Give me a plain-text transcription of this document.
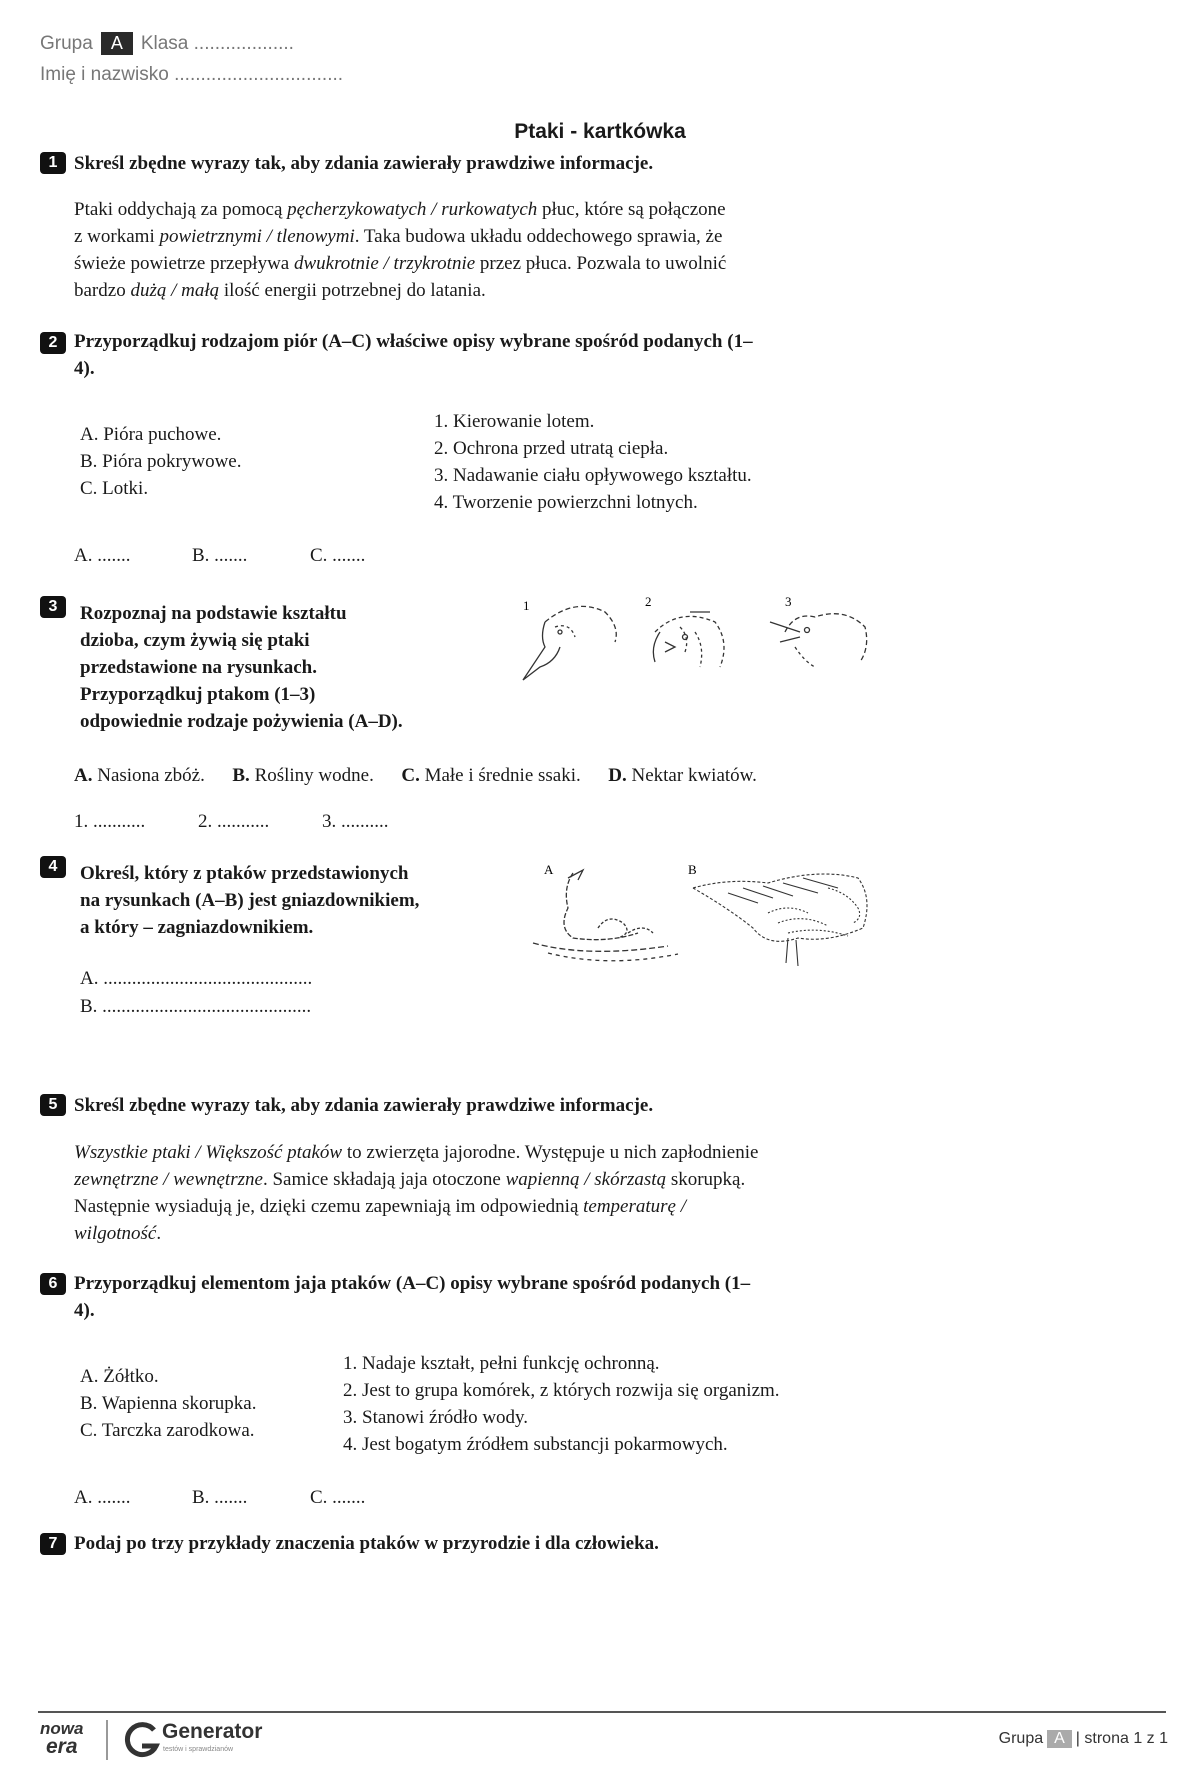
Grupa A Klasa ...................
Imię i nazwisko ................................
Ptaki - kartkówka
1 Skreśl zbędne wyrazy tak, aby zdania zawierały prawdziwe informacje.
Ptaki oddychają za pomocą pęcherzykowatych / rurkowatych płuc, które są połączone
z workami powietrznymi / tlenowymi. Taka budowa układu oddechowego sprawia, że
świeże powietrze przepływa dwukrotnie / trzykrotnie przez płuca. Pozwala to uwolnić
bardzo dużą / małą ilość energii potrzebnej do latania.
2 Przyporządkuj rodzajom piór (A–C) właściwe opisy wybrane spośród podanych (1–
4).
A. Pióra puchowe.
B. Pióra pokrywowe.
C. Lotki.
1. Kierowanie lotem.
2. Ochrona przed utratą ciepła.
3. Nadawanie ciału opływowego kształtu.
4. Tworzenie powierzchni lotnych.
A. .......	B. .......	C. .......
3	Rozpoznaj na podstawie kształtu
dzioba, czym żywią się ptaki
przedstawione na rysunkach.
Przyporządkuj ptakom (1–3)
odpowiednie rodzaje pożywienia (A–D).
1	2	3
A. Nasiona zbóż. B. Rośliny wodne. C. Małe i średnie ssaki. D. Nektar kwiatów.
1. ...........	2. ...........	3. ..........
4	Określ, który z ptaków przedstawionych
na rysunkach (A–B) jest gniazdownikiem,
a który – zagniazdownikiem.
A	B
A. ............................................
B. ............................................
5 Skreśl zbędne wyrazy tak, aby zdania zawierały prawdziwe informacje.
Wszystkie ptaki / Większość ptaków to zwierzęta jajorodne. Występuje u nich zapłodnienie
zewnętrzne / wewnętrzne. Samice składają jaja otoczone wapienną / skórzastą skorupką.
Następnie wysiadują je, dzięki czemu zapewniają im odpowiednią temperaturę /
wilgotność.
6 Przyporządkuj elementom jaja ptaków (A–C) opisy wybrane spośród podanych (1–
4).
A. Żółtko.
B. Wapienna skorupka.
C. Tarczka zarodkowa.
1. Nadaje kształt, pełni funkcję ochronną.
2. Jest to grupa komórek, z których rozwija się organizm.
3. Stanowi źródło wody.
4. Jest bogatym źródłem substancji pokarmowych.
A. .......	B. .......	C. .......
7 Podaj po trzy przykłady znaczenia ptaków w przyrodzie i dla człowieka.
nowa
era
Generator
testów i sprawdzianów
Grupa A | strona 1 z 1
